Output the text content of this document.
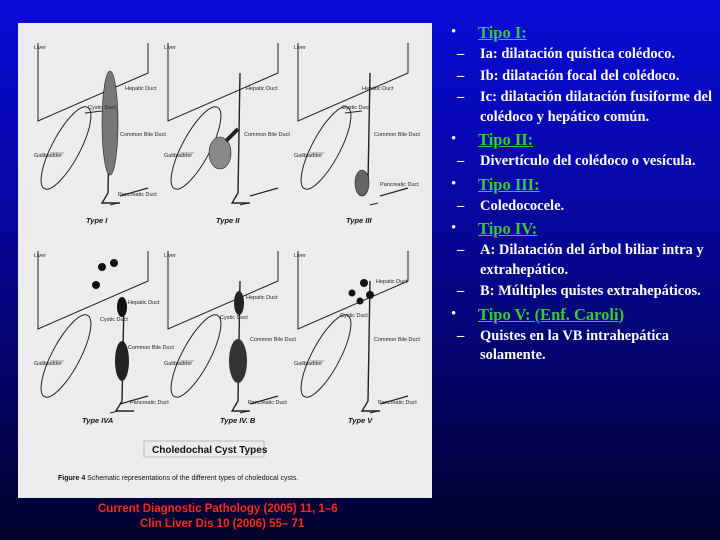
Liver
Hepatic Duct
Cystic Duct
Common Bile Duct
Gallbladder
Pancreatic Duct
Type I
Liver
Hepatic Duct
Common Bile Duct
Gallbladder
Type II
Liver
Hepatic Duct
Cystic Duct
Common Bile Duct
Gallbladder
Pancreatic Duct
Type III
Liver
Hepatic Duct
Cystic Duct
Common Bile Duct
Gallbladder
Pancreatic Duct
Type IVA
Liver
Hepatic Duct
Cystic Duct
Common Bile Duct
Gallbladder
Pancreatic Duct
Type IV. B
Liver
Hepatic Duct
Cystic Duct
Common Bile Duct
Gallbladder
Pancreatic Duct
Type V
Choledochal Cyst Types
Figure 4 Schematic representations of the different types of choledocal cysts.
Current Diagnostic Pathology (2005) 11, 1–6
Clin Liver Dis 10 (2006) 55– 71
• Tipo I:
– Ia: dilatación quística colédoco.
– Ib: dilatación focal del colédoco.
– Ic: dilatación dilatación fusiforme del colédoco y hepático común.
• Tipo II:
– Divertículo del colédoco o vesícula.
• Tipo III:
– Coledococele.
• Tipo IV:
– A: Dilatación del árbol biliar intra y extrahepático.
– B: Múltiples quistes extrahepáticos.
• Tipo V: (Enf. Caroli)
– Quistes en la VB intrahepática solamente.
